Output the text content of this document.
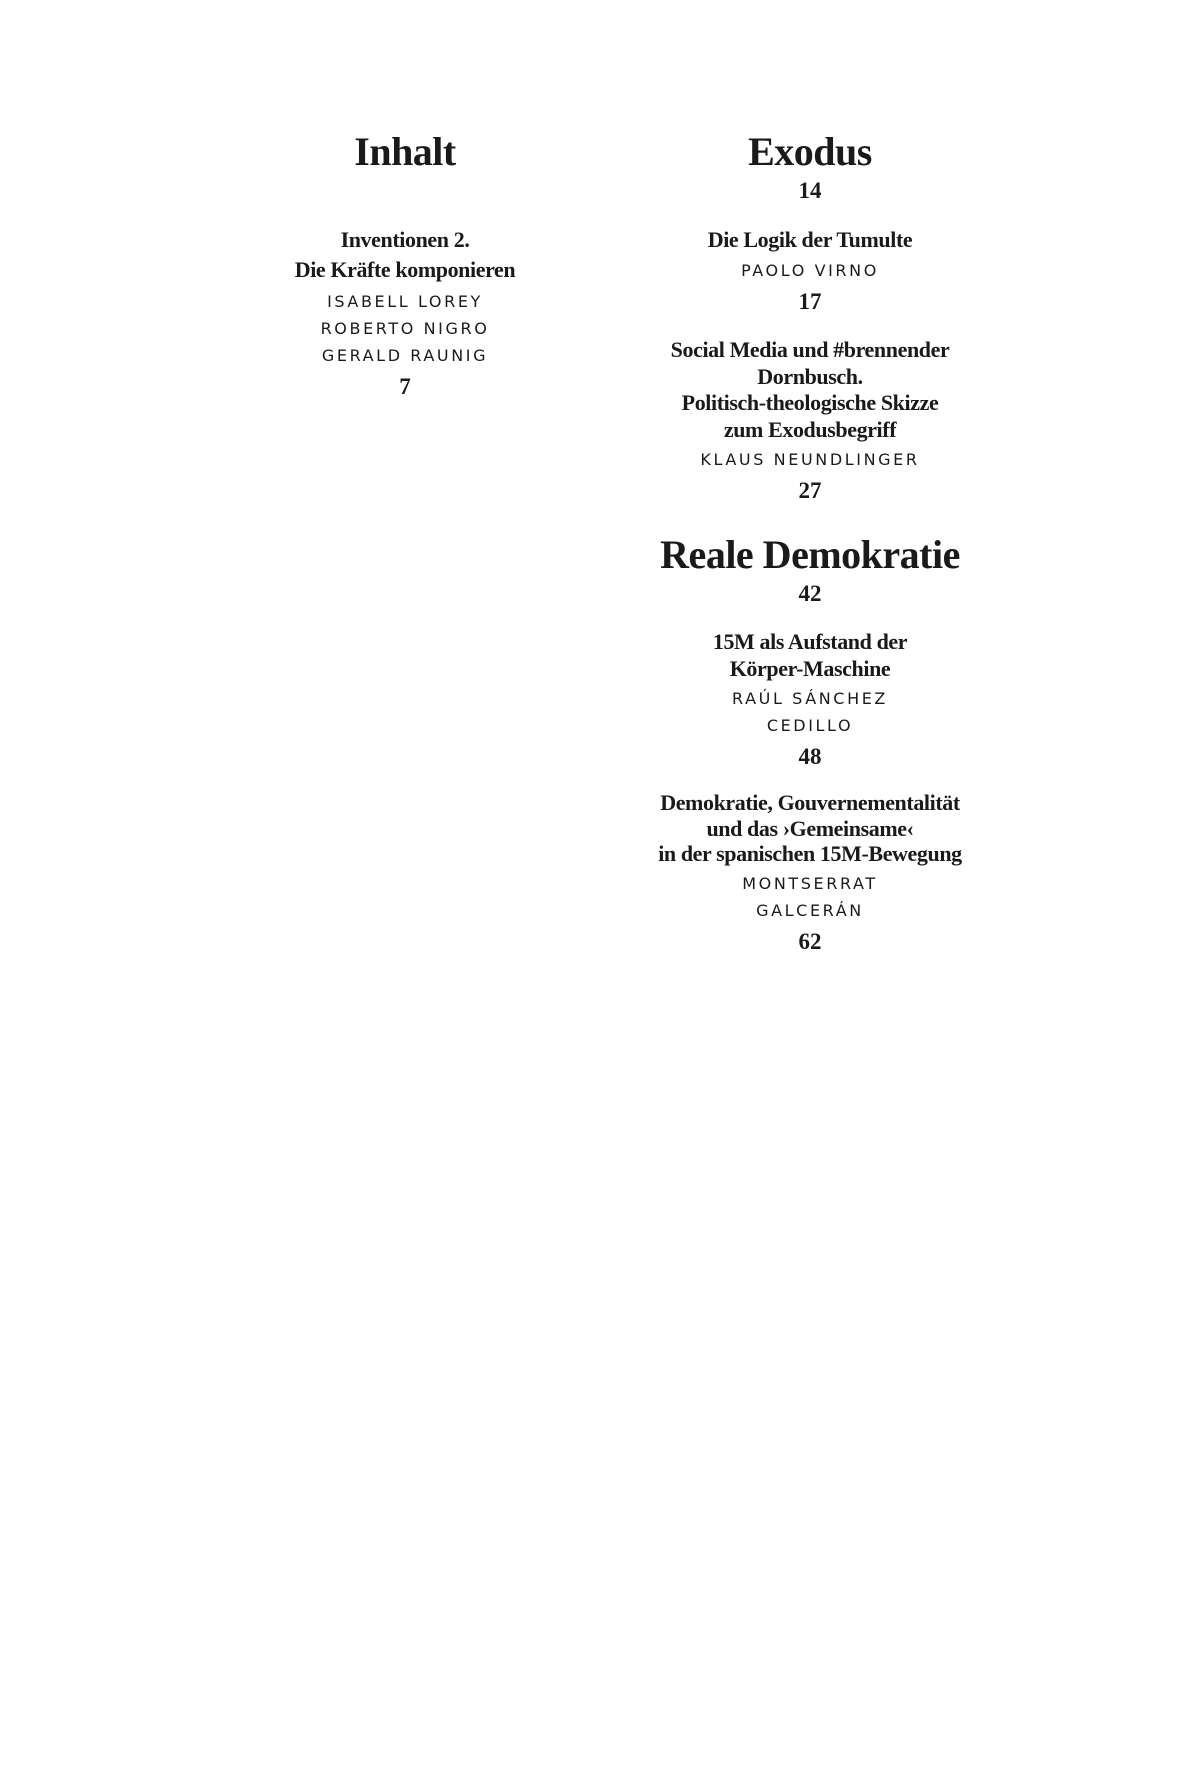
Inhalt

Inventionen 2.

Die Kräfte komponieren

ISABELL LOREY

ROBERTO NIGRO

GERALD RAUNIG

7

Exodus

14

Die Logik der Tumulte

PAOLO VIRNO

17

Social Media und #brennender

Dornbusch.

Politisch-theologische Skizze

zum Exodusbegriff

KLAUS NEUNDLINGER

27

Reale Demokratie

42

15M als Aufstand der

Körper-Maschine

RAÚL SÁNCHEZ

CEDILLO

48

Demokratie, Gouvernementalität

und das ›Gemeinsame‹

in der spanischen 15M-Bewegung

MONTSERRAT

GALCERÁN

62
